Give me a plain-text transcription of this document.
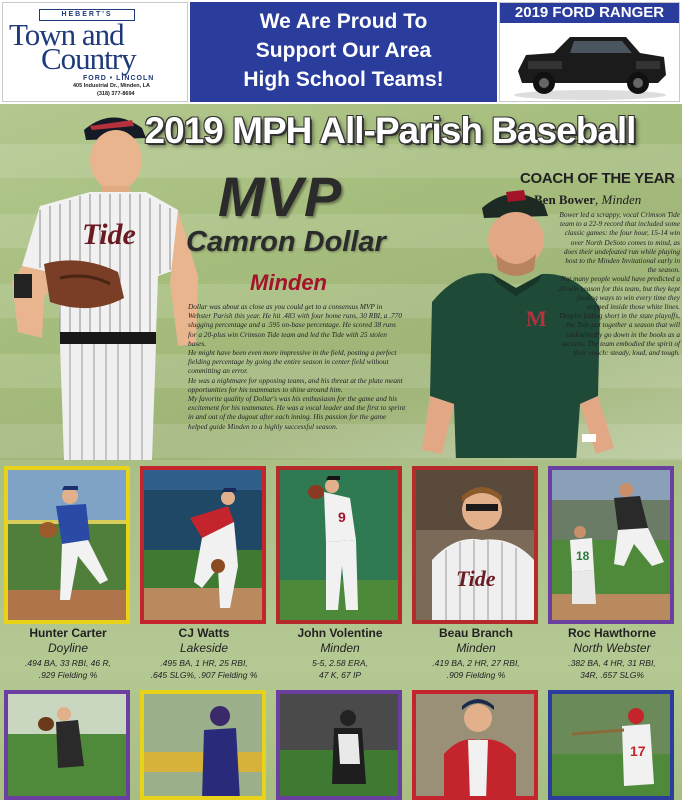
HEBERT'S
Town and
Country
FORD • LINCOLN
405 Industrial Dr., Minden, LA
(318) 377-8694
We Are Proud To
Support Our Area
High School Teams!
2019 FORD RANGER
2019 MPH All-Parish Baseball
Tide
MVP
Camron Dollar
Minden

Dollar was about as close as you could get to a consensus MVP in Webster Parish this year. He hit .483 with four home runs, 30 RBI, a .770 slugging percentage and a .595 on-base percentage. He scored 38 runs for a 20-plus win Crimson Tide team and led the Tide with 25 stolen bases.

He might have been even more impressive in the field, posting a perfect fielding percentage by going the entire season in center field without committing an error.

He was a nightmare for opposing teams, and his threat at the plate meant opportunities for his teammates to shine around him.

My favorite quality of Dollar's was his enthusiasm for the game and his excitement for his teammates. He was a vocal leader and the first to sprint in and out of the dugout after each inning. His passion for the game helped guide Minden to a highly successful season.

M
COACH OF THE YEAR
Ben Bower, Minden

Bower led a scrappy, vocal Crimson Tide team to a 22-9 record that included some classic games: the four hour, 15-14 win over North DeSoto comes to mind, as does their undefeated run while playing host to the Minden Invitational early in the season.

Not many people would have predicted a 20-win season for this team, but they kept finding ways to win every time they stepped inside those white lines.

Despite falling short in the state playoffs, the Tide put together a season that will undoubtedly go down in the books as a success. The team embodied the spirit of their coach: steady, loud, and tough.

Hunter Carter
Doyline
.494 BA, 33 RBI, 46 R,
.929 Fielding %
CJ Watts
Lakeside
.495 BA, 1 HR, 25 RBI,
.645 SLG%, .907 Fielding %
9
John Volentine
Minden
5-5, 2.58 ERA,
47 K, 67 IP
Tide
Beau Branch
Minden
.419 BA, 2 HR, 27 RBI,
.909 Fielding %
18
Roc Hawthorne
North Webster
.382 BA, 4 HR, 31 RBI,
34R, .657 SLG%
17
